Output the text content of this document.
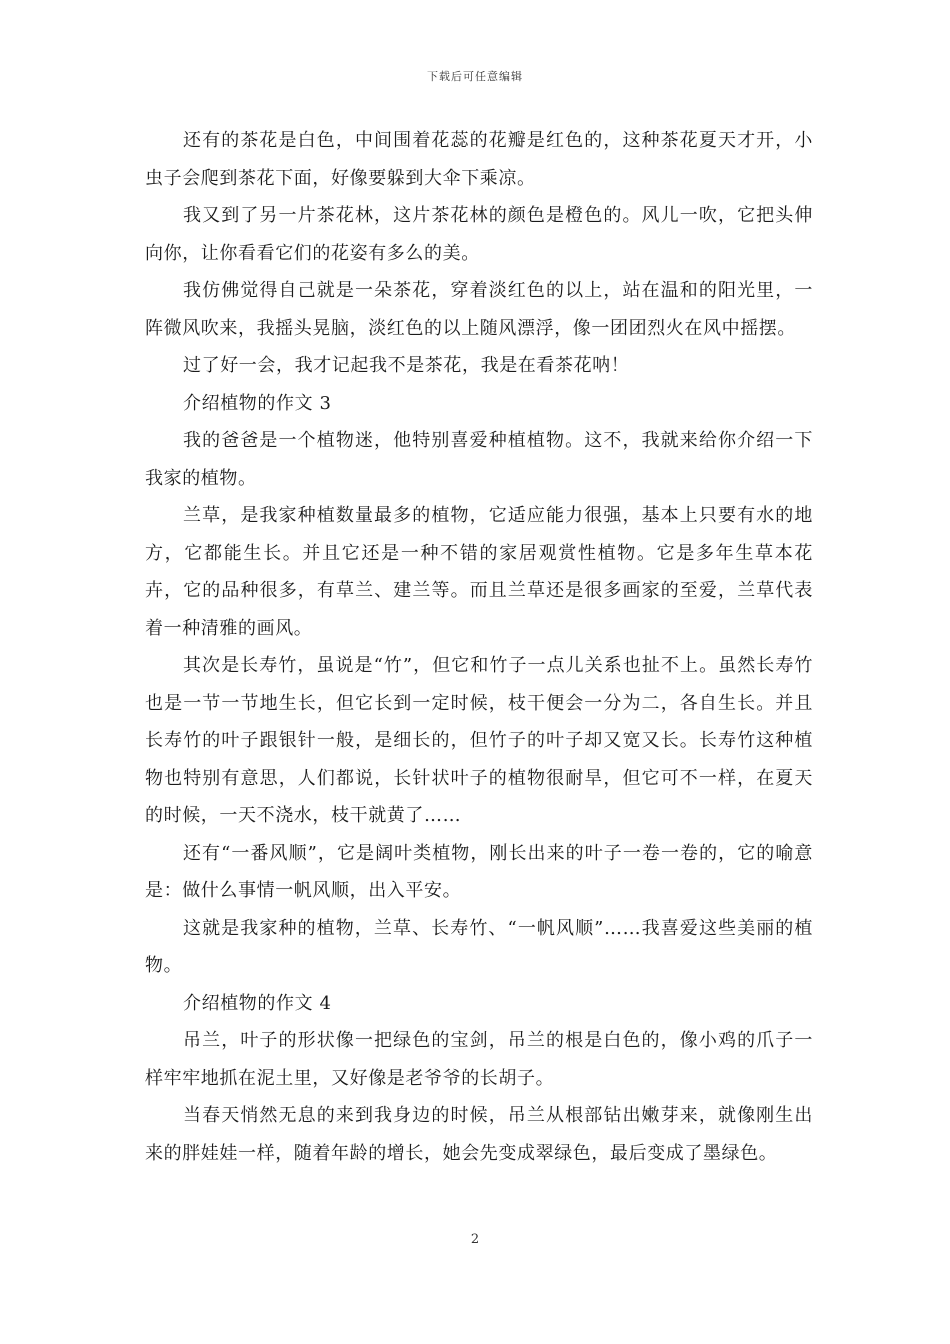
下载后可任意编辑

还有的茶花是白色，中间围着花蕊的花瓣是红色的，这种茶花夏天才开，小虫子会爬到茶花下面，好像要躲到大伞下乘凉。

我又到了另一片茶花林，这片茶花林的颜色是橙色的。风儿一吹，它把头伸向你，让你看看它们的花姿有多么的美。

我仿佛觉得自己就是一朵茶花，穿着淡红色的以上，站在温和的阳光里，一阵微风吹来，我摇头晃脑，淡红色的以上随风漂浮，像一团团烈火在风中摇摆。

过了好一会，我才记起我不是茶花，我是在看茶花呐！

介绍植物的作文 3

我的爸爸是一个植物迷，他特别喜爱种植植物。这不，我就来给你介绍一下我家的植物。

兰草，是我家种植数量最多的植物，它适应能力很强，基本上只要有水的地方，它都能生长。并且它还是一种不错的家居观赏性植物。它是多年生草本花卉，它的品种很多，有草兰、建兰等。而且兰草还是很多画家的至爱，兰草代表着一种清雅的画风。

其次是长寿竹，虽说是“竹”，但它和竹子一点儿关系也扯不上。虽然长寿竹也是一节一节地生长，但它长到一定时候，枝干便会一分为二，各自生长。并且长寿竹的叶子跟银针一般，是细长的，但竹子的叶子却又宽又长。长寿竹这种植物也特别有意思，人们都说，长针状叶子的植物很耐旱，但它可不一样，在夏天的时候，一天不浇水，枝干就黄了……

还有“一番风顺”，它是阔叶类植物，刚长出来的叶子一卷一卷的，它的喻意是：做什么事情一帆风顺，出入平安。

这就是我家种的植物，兰草、长寿竹、“一帆风顺”……我喜爱这些美丽的植物。

介绍植物的作文 4

吊兰，叶子的形状像一把绿色的宝剑，吊兰的根是白色的，像小鸡的爪子一样牢牢地抓在泥土里，又好像是老爷爷的长胡子。

当春天悄然无息的来到我身边的时候，吊兰从根部钻出嫩芽来，就像刚生出来的胖娃娃一样，随着年龄的增长，她会先变成翠绿色，最后变成了墨绿色。

2
